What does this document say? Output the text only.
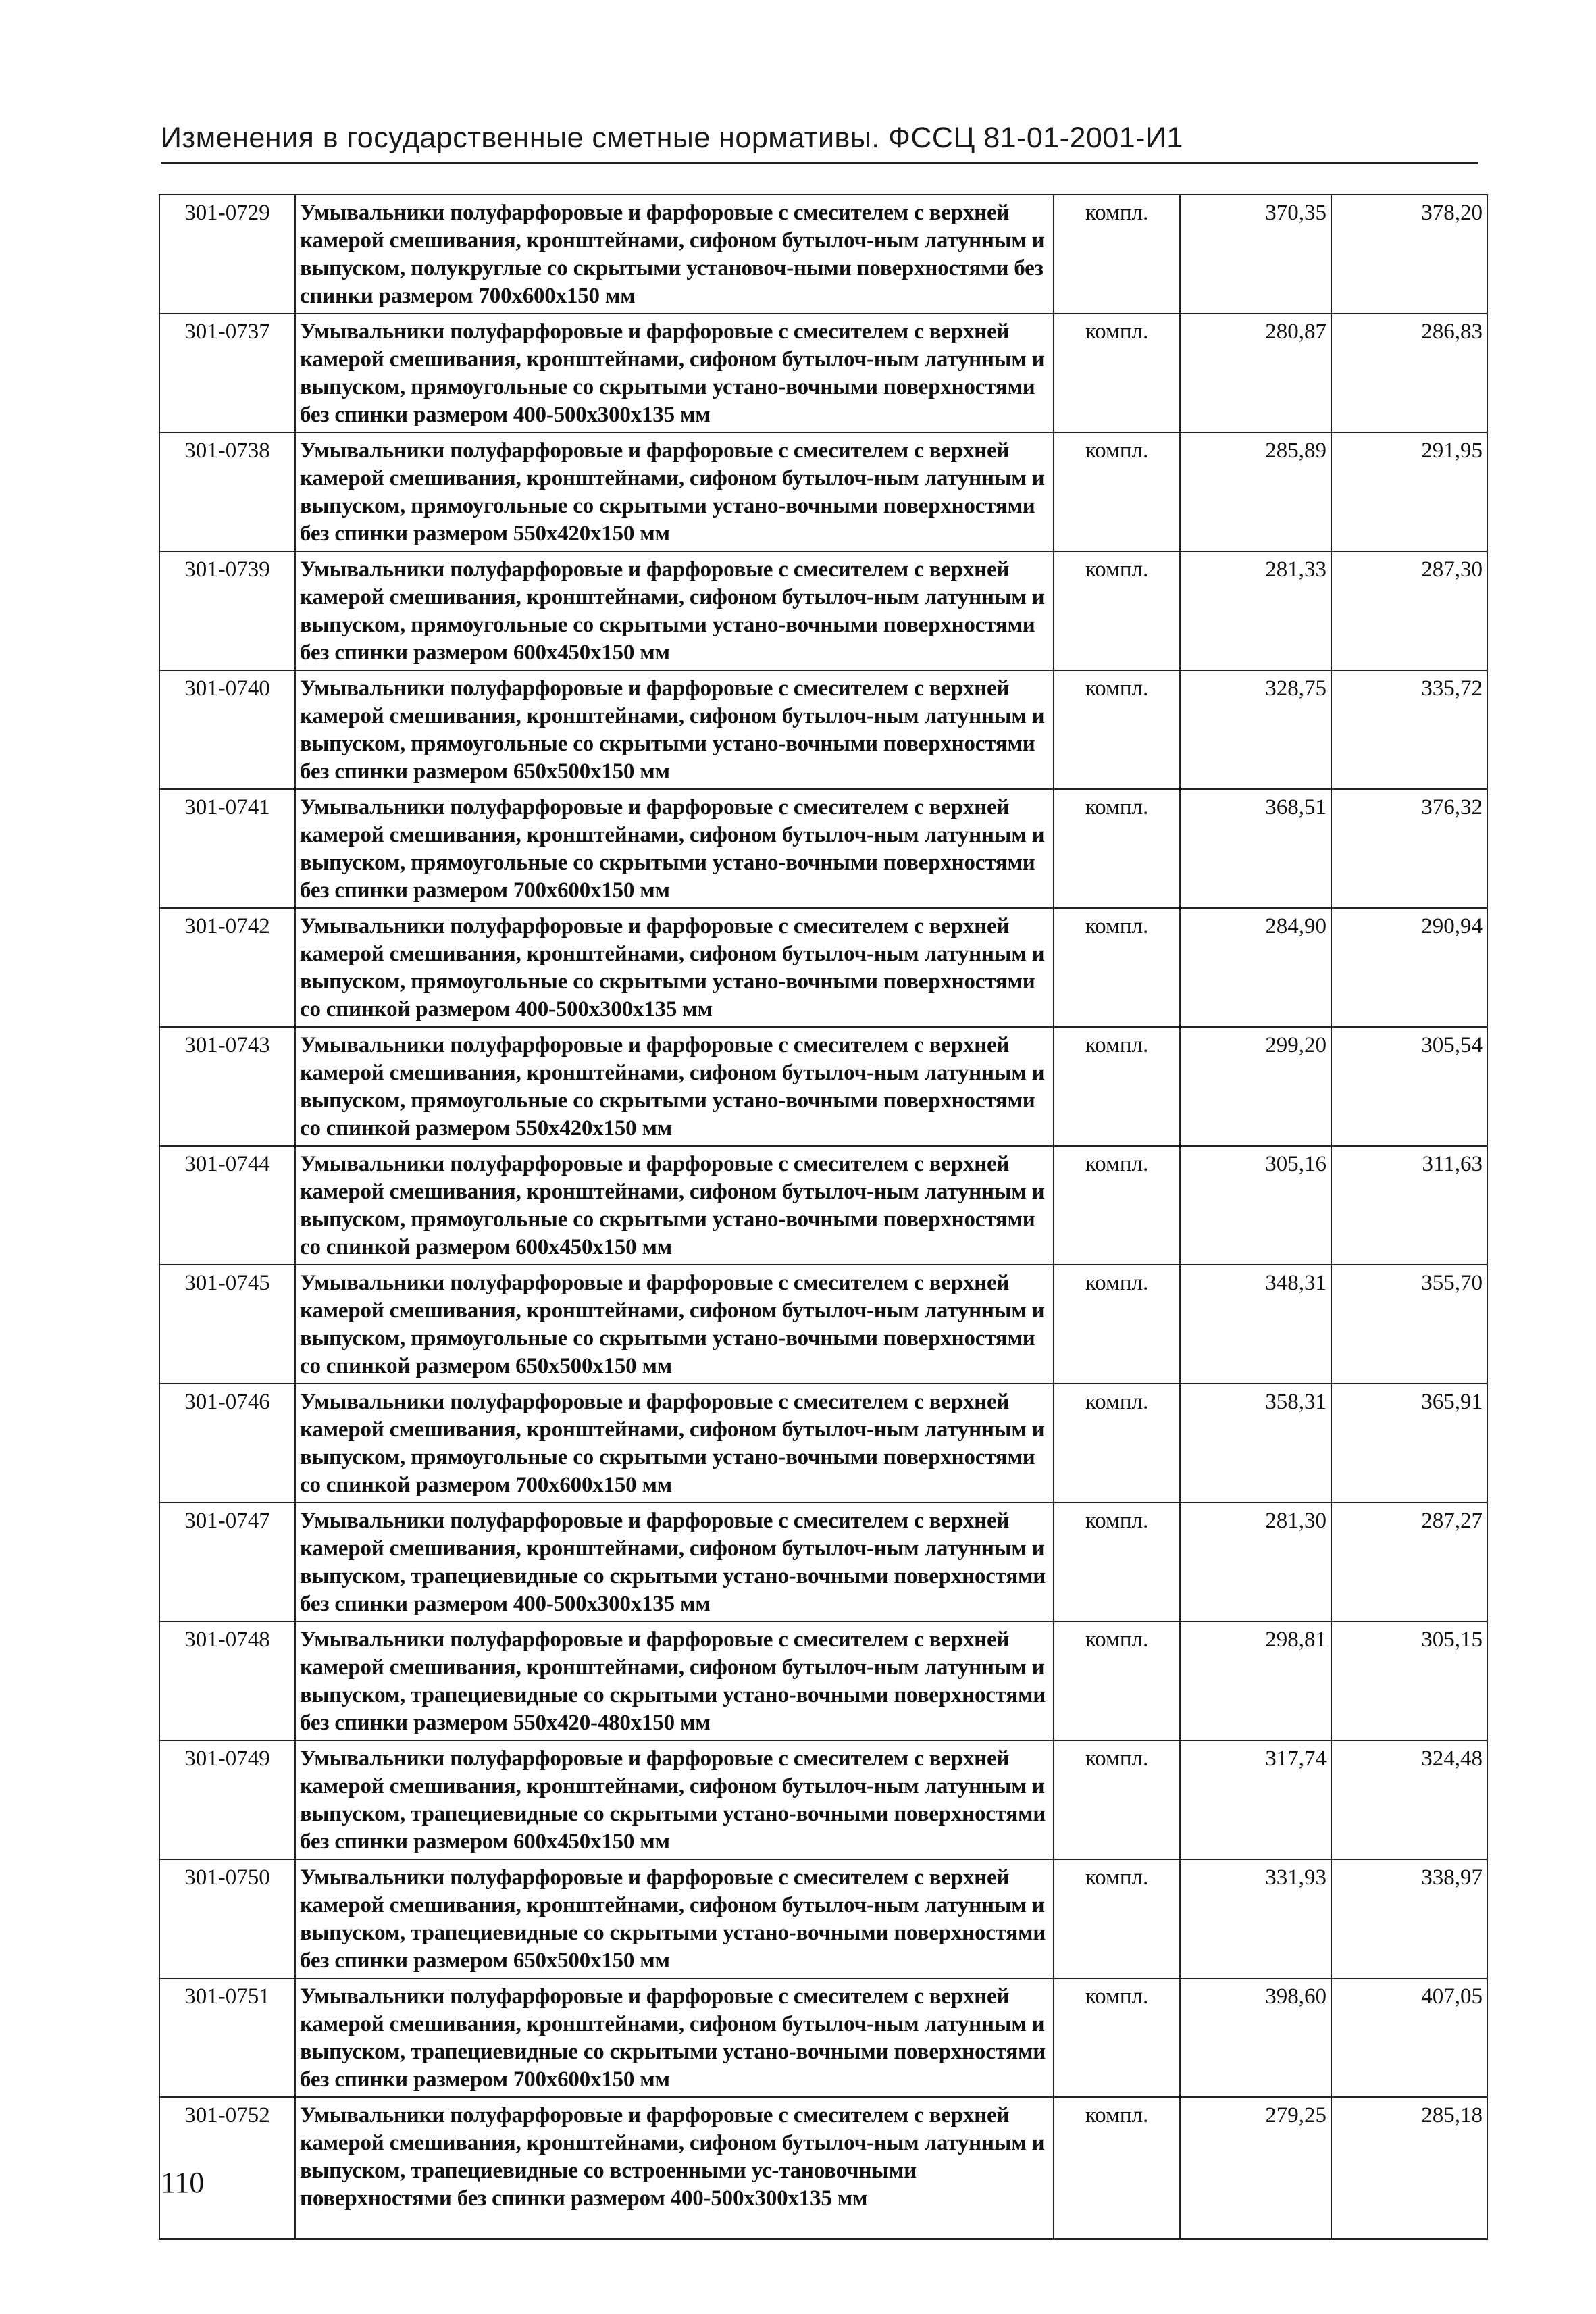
Изменения в государственные сметные нормативы. ФССЦ 81-01-2001-И1
301-0729	Умывальники полуфарфоровые и фарфоровые с смесителем с верхней камерой смешивания, кронштейнами, сифоном бутылоч-ным латунным и выпуском, полукруглые со скрытыми установоч-ными поверхностями без спинки размером 700х600х150 мм	компл.	370,35	378,20
301-0737	Умывальники полуфарфоровые и фарфоровые с смесителем с верхней камерой смешивания, кронштейнами, сифоном бутылоч-ным латунным и выпуском, прямоугольные со скрытыми устано-вочными поверхностями без спинки размером 400-500х300х135 мм	компл.	280,87	286,83
301-0738	Умывальники полуфарфоровые и фарфоровые с смесителем с верхней камерой смешивания, кронштейнами, сифоном бутылоч-ным латунным и выпуском, прямоугольные со скрытыми устано-вочными поверхностями без спинки размером 550х420х150 мм	компл.	285,89	291,95
301-0739	Умывальники полуфарфоровые и фарфоровые с смесителем с верхней камерой смешивания, кронштейнами, сифоном бутылоч-ным латунным и выпуском, прямоугольные со скрытыми устано-вочными поверхностями без спинки размером 600х450х150 мм	компл.	281,33	287,30
301-0740	Умывальники полуфарфоровые и фарфоровые с смесителем с верхней камерой смешивания, кронштейнами, сифоном бутылоч-ным латунным и выпуском, прямоугольные со скрытыми устано-вочными поверхностями без спинки размером 650х500х150 мм	компл.	328,75	335,72
301-0741	Умывальники полуфарфоровые и фарфоровые с смесителем с верхней камерой смешивания, кронштейнами, сифоном бутылоч-ным латунным и выпуском, прямоугольные со скрытыми устано-вочными поверхностями без спинки размером 700х600х150 мм	компл.	368,51	376,32
301-0742	Умывальники полуфарфоровые и фарфоровые с смесителем с верхней камерой смешивания, кронштейнами, сифоном бутылоч-ным латунным и выпуском, прямоугольные со скрытыми устано-вочными поверхностями со спинкой размером 400-500х300х135 мм	компл.	284,90	290,94
301-0743	Умывальники полуфарфоровые и фарфоровые с смесителем с верхней камерой смешивания, кронштейнами, сифоном бутылоч-ным латунным и выпуском, прямоугольные со скрытыми устано-вочными поверхностями со спинкой размером 550х420х150 мм	компл.	299,20	305,54
301-0744	Умывальники полуфарфоровые и фарфоровые с смесителем с верхней камерой смешивания, кронштейнами, сифоном бутылоч-ным латунным и выпуском, прямоугольные со скрытыми устано-вочными поверхностями со спинкой размером 600х450х150 мм	компл.	305,16	311,63
301-0745	Умывальники полуфарфоровые и фарфоровые с смесителем с верхней камерой смешивания, кронштейнами, сифоном бутылоч-ным латунным и выпуском, прямоугольные со скрытыми устано-вочными поверхностями со спинкой размером 650х500х150 мм	компл.	348,31	355,70
301-0746	Умывальники полуфарфоровые и фарфоровые с смесителем с верхней камерой смешивания, кронштейнами, сифоном бутылоч-ным латунным и выпуском, прямоугольные со скрытыми устано-вочными поверхностями со спинкой размером 700х600х150 мм	компл.	358,31	365,91
301-0747	Умывальники полуфарфоровые и фарфоровые с смесителем с верхней камерой смешивания, кронштейнами, сифоном бутылоч-ным латунным и выпуском, трапециевидные со скрытыми устано-вочными поверхностями без спинки размером 400-500х300х135 мм	компл.	281,30	287,27
301-0748	Умывальники полуфарфоровые и фарфоровые с смесителем с верхней камерой смешивания, кронштейнами, сифоном бутылоч-ным латунным и выпуском, трапециевидные со скрытыми устано-вочными поверхностями без спинки размером 550х420-480х150 мм	компл.	298,81	305,15
301-0749	Умывальники полуфарфоровые и фарфоровые с смесителем с верхней камерой смешивания, кронштейнами, сифоном бутылоч-ным латунным и выпуском, трапециевидные со скрытыми устано-вочными поверхностями без спинки размером 600х450х150 мм	компл.	317,74	324,48
301-0750	Умывальники полуфарфоровые и фарфоровые с смесителем с верхней камерой смешивания, кронштейнами, сифоном бутылоч-ным латунным и выпуском, трапециевидные со скрытыми устано-вочными поверхностями без спинки размером 650х500х150 мм	компл.	331,93	338,97
301-0751	Умывальники полуфарфоровые и фарфоровые с смесителем с верхней камерой смешивания, кронштейнами, сифоном бутылоч-ным латунным и выпуском, трапециевидные со скрытыми устано-вочными поверхностями без спинки размером 700х600х150 мм	компл.	398,60	407,05
301-0752	Умывальники полуфарфоровые и фарфоровые с смесителем с верхней камерой смешивания, кронштейнами, сифоном бутылоч-ным латунным и выпуском, трапециевидные со встроенными ус-тановочными поверхностями без спинки размером 400-500х300х135 мм	компл.	279,25	285,18
110
